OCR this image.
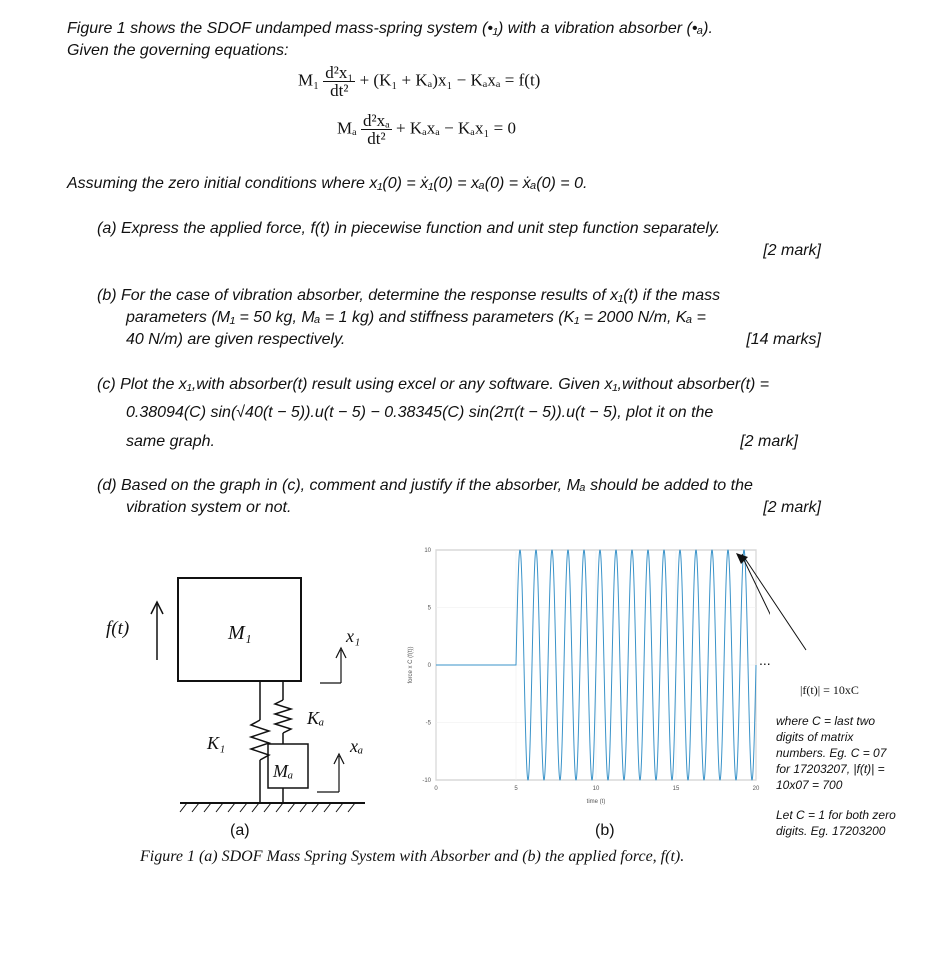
Figure 1 shows the SDOF undamped mass-spring system (•₁) with a vibration absorber (•ₐ).
Given the governing equations:
$M_1 \frac{\text{d²x₁}}{\text{dt²}} + (K_1 + K_a)x_1 - K_ax_a = f(t)$
Mₐ $\frac{\text{d²xₐ}}{\text{dt²}} + K_ax_a - K_ax_1 = 0$
Assuming the zero initial conditions where x₁(0) = ẋ₁(0) = xₐ(0) = ẋₐ(0) = 0.
(a) Express the applied force, f(t) in piecewise function and unit step function separately.
[2 mark]
(b) For the case of vibration absorber, determine the response results of x₁(t) if the mass
parameters (M₁ = 50 kg, Mₐ = 1 kg) and stiffness parameters (K₁ = 2000 N/m, Kₐ =
40 N/m) are given respectively.	[14 marks]
(c) Plot the x₁,with absorber(t) result using excel or any software. Given x₁,without absorber(t) =
0.38094(C) sin(√40(t − 5)).u(t − 5) − 0.38345(C) sin(2π(t − 5)).u(t − 5), plot it on the
same graph.	[2 mark]
(d) Based on the graph in (c), comment and justify if the absorber, Mₐ should be added to the
vibration system or not.	[2 mark]
f(t)	M₁	x₁
Kₐ
K₁
Mₐ
xₐ
(a)
0	5	10	15	20
10
5
0
-5
-10
force x C (f(t))
time (t)
(b)
...
|f(t)| = 10xC
where C = last two
digits of matrix
numbers. Eg. C = 07
for 17203207, |f(t)| =
10x07 = 700
Let C = 1 for both zero
digits. Eg. 17203200
Figure 1 (a) SDOF Mass Spring System with Absorber and (b) the applied force, f(t).
